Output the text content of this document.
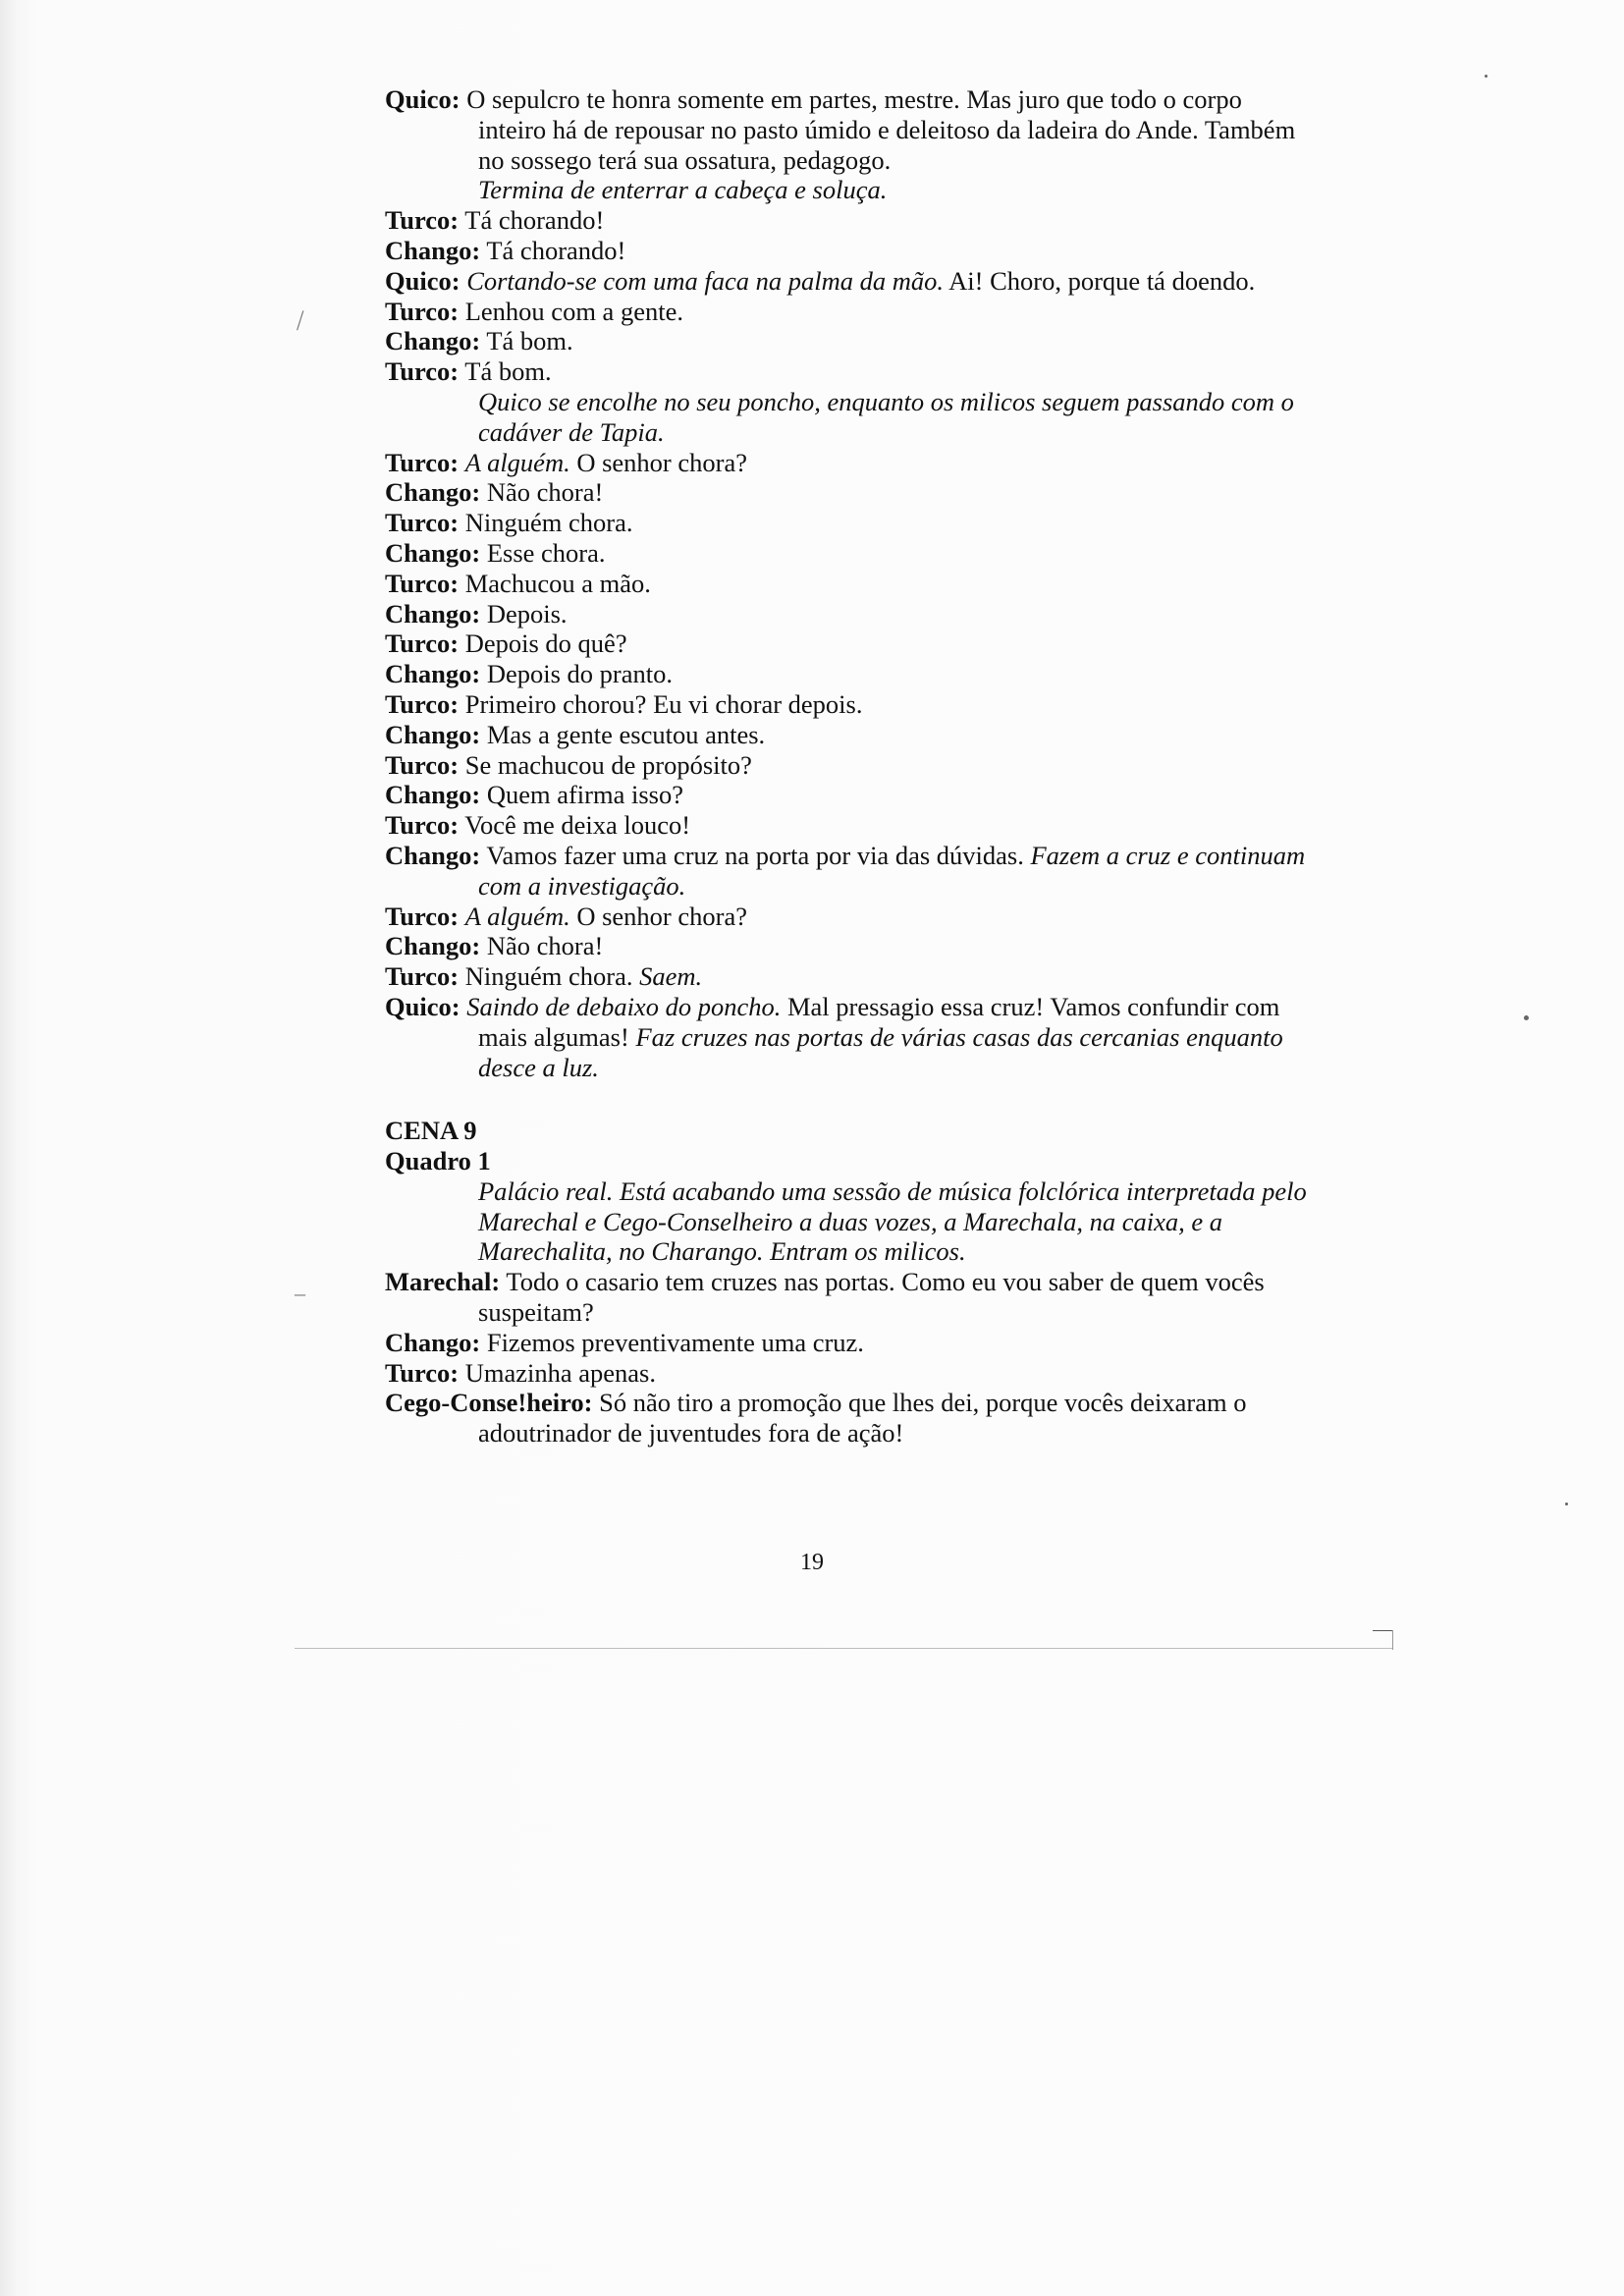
⧸
‒
Quico: O sepulcro te honra somente em partes, mestre. Mas juro que todo o corpo inteiro há de repousar no pasto úmido e deleitoso da ladeira do Ande. Também no sossego terá sua ossatura, pedagogo.
Termina de enterrar a cabeça e soluça.
Turco: Tá chorando!
Chango: Tá chorando!
Quico: Cortando-se com uma faca na palma da mão. Ai! Choro, porque tá doendo.
Turco: Lenhou com a gente.
Chango: Tá bom.
Turco: Tá bom.
Quico se encolhe no seu poncho, enquanto os milicos seguem passando com o cadáver de Tapia.
Turco: A alguém. O senhor chora?
Chango: Não chora!
Turco: Ninguém chora.
Chango: Esse chora.
Turco: Machucou a mão.
Chango: Depois.
Turco: Depois do quê?
Chango: Depois do pranto.
Turco: Primeiro chorou? Eu vi chorar depois.
Chango: Mas a gente escutou antes.
Turco: Se machucou de propósito?
Chango: Quem afirma isso?
Turco: Você me deixa louco!
Chango: Vamos fazer uma cruz na porta por via das dúvidas. Fazem a cruz e continuam com a investigação.
Turco: A alguém. O senhor chora?
Chango: Não chora!
Turco: Ninguém chora. Saem.
Quico: Saindo de debaixo do poncho. Mal pressagio essa cruz! Vamos confundir com mais algumas! Faz cruzes nas portas de várias casas das cercanias enquanto desce a luz.
CENA 9
Quadro 1
Palácio real. Está acabando uma sessão de música folclórica interpretada pelo Marechal e Cego-Conselheiro a duas vozes, a Marechala, na caixa, e a Marechalita, no Charango. Entram os milicos.
Marechal: Todo o casario tem cruzes nas portas. Como eu vou saber de quem vocês suspeitam?
Chango: Fizemos preventivamente uma cruz.
Turco: Umazinha apenas.
Cego-Conse!heiro: Só não tiro a promoção que lhes dei, porque vocês deixaram o adoutrinador de juventudes fora de ação!
19
